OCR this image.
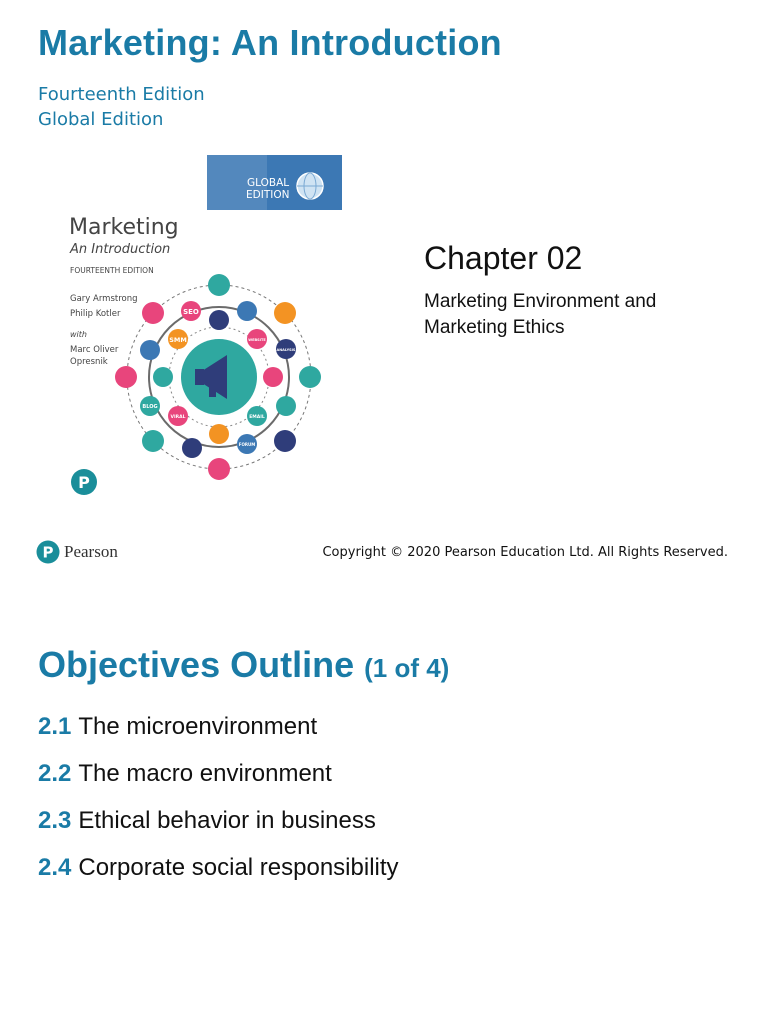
Marketing: An Introduction
Fourteenth Edition
Global Edition
GLOBAL
EDITION
Marketing
An Introduction
FOURTEENTH EDITION
Gary Armstrong
Philip Kotler
with
Marc Oliver
Opresnik
SEO
SMM	WEBSITE
ANALYSIS
BLOG
VIRAL	EMAIL
FORUM
P
Chapter 02
Marketing Environment and Marketing Ethics
P Pearson	Copyright © 2020 Pearson Education Ltd. All Rights Reserved.
Objectives Outline (1 of 4)
2.1 The microenvironment
2.2 The macro environment
2.3 Ethical behavior in business
2.4 Corporate social responsibility
